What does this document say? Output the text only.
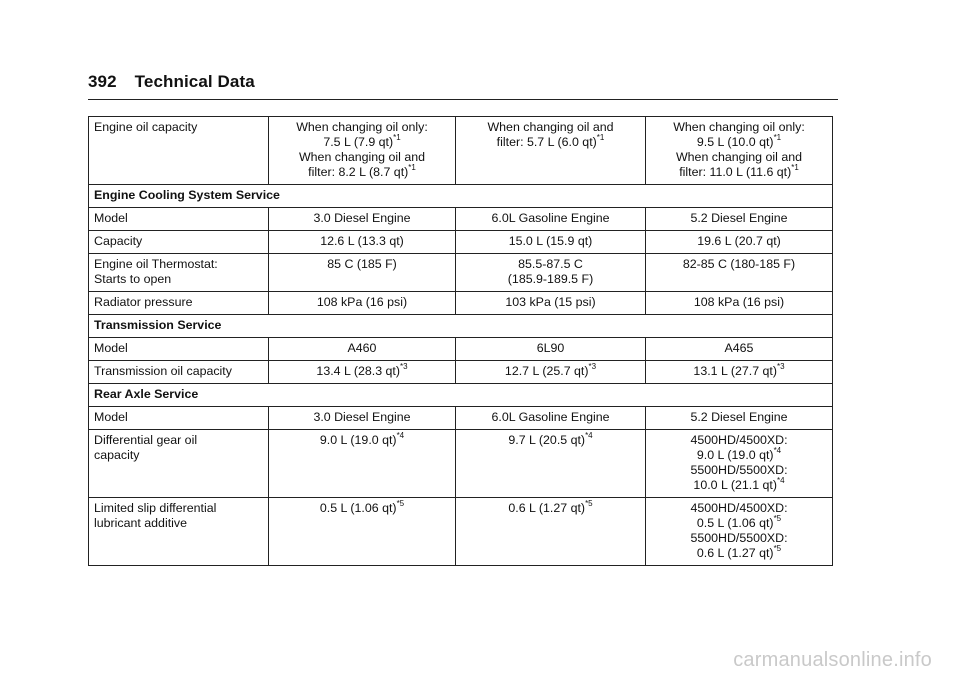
392 Technical Data
Engine oil capacity	When changing oil only:
7.5 L (7.9 qt)$^{*1}$
When changing oil and
filter: 8.2 L (8.7 qt)$^{*1}$	When changing oil and
filter: 5.7 L (6.0 qt)$^{*1}$	When changing oil only:
9.5 L (10.0 qt)$^{*1}$
When changing oil and
filter: 11.0 L (11.6 qt)$^{*1}$

Engine Cooling System Service			

Model	3.0 Diesel Engine	6.0L Gasoline Engine	5.2 Diesel Engine

Capacity	12.6 L (13.3 qt)	15.0 L (15.9 qt)	19.6 L (20.7 qt)

Engine oil Thermostat:
Starts to open	85 C (185 F)	85.5-87.5 C
(185.9-189.5 F)	82-85 C (180-185 F)

Radiator pressure	108 kPa (16 psi)	103 kPa (15 psi)	108 kPa (16 psi)

Transmission Service			

Model	A460	6L90	A465

Transmission oil capacity	13.4 L (28.3 qt)$^{*3}$	12.7 L (25.7 qt)$^{*3}$	13.1 L (27.7 qt)$^{*3}$

Rear Axle Service			

Model	3.0 Diesel Engine	6.0L Gasoline Engine	5.2 Diesel Engine

Differential gear oil
capacity	9.0 L (19.0 qt)$^{*4}$	9.7 L (20.5 qt)$^{*4}$	4500HD/4500XD:
9.0 L (19.0 qt)$^{*4}$
5500HD/5500XD:
10.0 L (21.1 qt)$^{*4}$

Limited slip differential
lubricant additive	0.5 L (1.06 qt)$^{*5}$	0.6 L (1.27 qt)$^{*5}$	4500HD/4500XD:
0.5 L (1.06 qt)$^{*5}$
5500HD/5500XD:
0.6 L (1.27 qt)$^{*5}$
carmanualsonline.info
